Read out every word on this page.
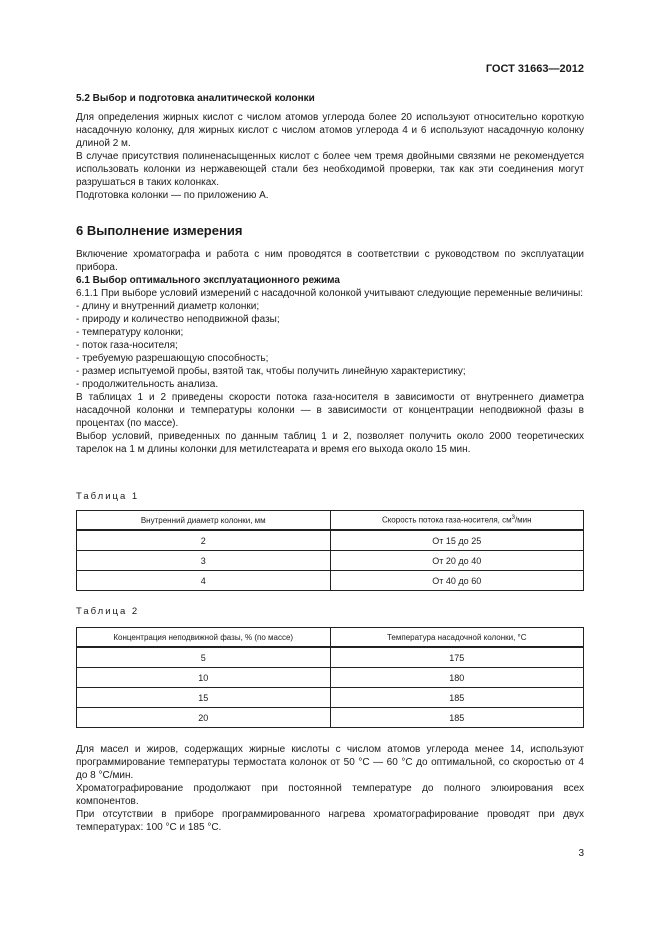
ГОСТ 31663—2012
5.2 Выбор и подготовка аналитической колонки

Для определения жирных кислот с числом атомов углерода более 20 используют относительно короткую насадочную колонку, для жирных кислот с числом атомов углерода 4 и 6 используют насадочную колонку длиной 2 м.

В случае присутствия полиненасыщенных кислот с более чем тремя двойными связями не рекомендуется использовать колонки из нержавеющей стали без необходимой проверки, так как эти соединения могут разрушаться в таких колонках.

Подготовка колонки — по приложению А.

6 Выполнение измерения

Включение хроматографа и работа с ним проводятся в соответствии с руководством по эксплуатации прибора.

6.1 Выбор оптимального эксплуатационного режима

6.1.1 При выборе условий измерений с насадочной колонкой учитывают следующие переменные величины:

- длину и внутренний диаметр колонки;
- природу и количество неподвижной фазы;
- температуру колонки;
- поток газа-носителя;
- требуемую разрешающую способность;
- размер испытуемой пробы, взятой так, чтобы получить линейную характеристику;
- продолжительность анализа.

В таблицах 1 и 2 приведены скорости потока газа-носителя в зависимости от внутреннего диаметра насадочной колонки и температуры колонки — в зависимости от концентрации неподвижной фазы в процентах (по массе).

Выбор условий, приведенных по данным таблиц 1 и 2, позволяет получить около 2000 теоретических тарелок на 1 м длины колонки для метилстеарата и время его выхода около 15 мин.

Таблица 1
Внутренний диаметр колонки, мм	Скорость потока газа-носителя, $см^3$/мин
2	От 15 до 25
3	От 20 до 40
4	От 40 до 60
Таблица 2
Концентрация неподвижной фазы, % (по массе)	Температура насадочной колонки, °С
5	175
10	180
15	185
20	185

Для масел и жиров, содержащих жирные кислоты с числом атомов углерода менее 14, используют программирование температуры термостата колонок от 50 °С — 60 °С до оптимальной, со скоростью от 4 до 8 °С/мин.

Хроматографирование продолжают при постоянной температуре до полного элюирования всех компонентов.

При отсутствии в приборе программированного нагрева хроматографирование проводят при двух температурах: 100 °С и 185 °С.

3
